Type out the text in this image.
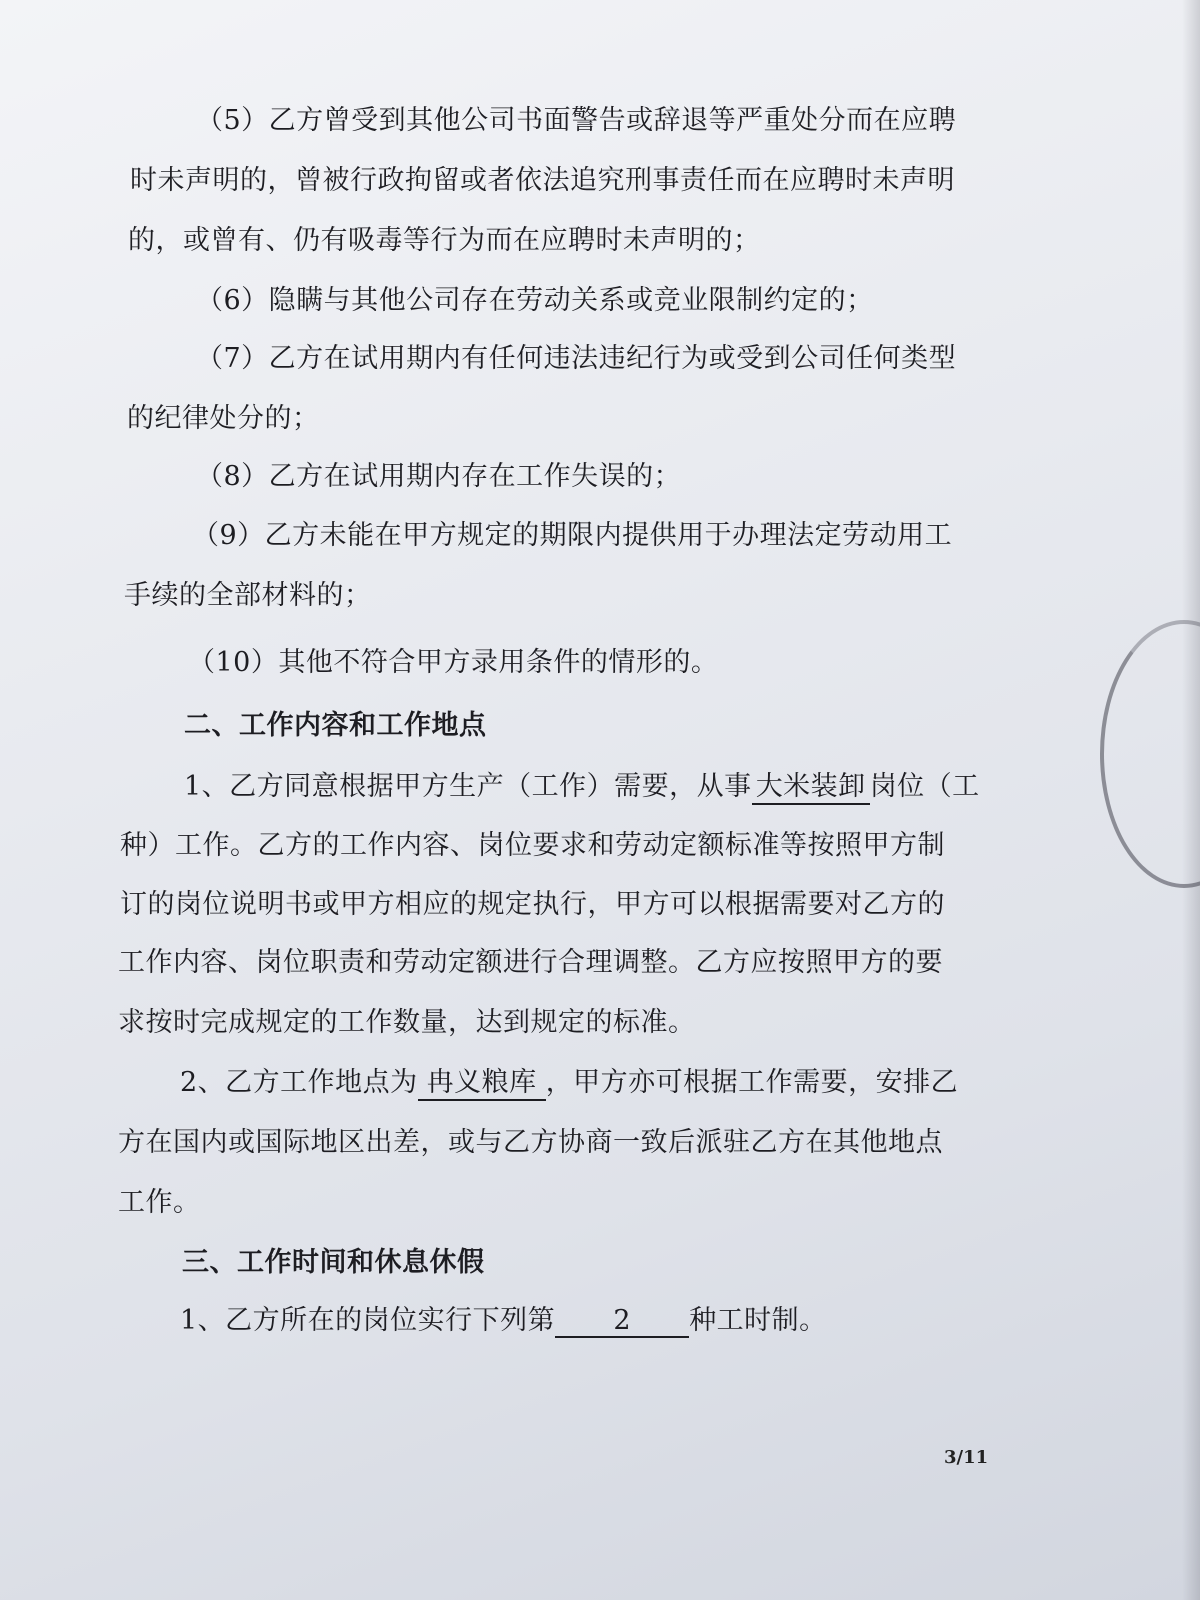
（5）乙方曾受到其他公司书面警告或辞退等严重处分而在应聘
时未声明的，曾被行政拘留或者依法追究刑事责任而在应聘时未声明
的，或曾有、仍有吸毒等行为而在应聘时未声明的；
（6）隐瞒与其他公司存在劳动关系或竞业限制约定的；
（7）乙方在试用期内有任何违法违纪行为或受到公司任何类型
的纪律处分的；
（8）乙方在试用期内存在工作失误的；
（9）乙方未能在甲方规定的期限内提供用于办理法定劳动用工
手续的全部材料的；
（10）其他不符合甲方录用条件的情形的。
二、工作内容和工作地点
1、乙方同意根据甲方生产（工作）需要，从事 大米装卸 岗位（工
种）工作。乙方的工作内容、岗位要求和劳动定额标准等按照甲方制
订的岗位说明书或甲方相应的规定执行，甲方可以根据需要对乙方的
工作内容、岗位职责和劳动定额进行合理调整。乙方应按照甲方的要
求按时完成规定的工作数量，达到规定的标准。
2、乙方工作地点为 冉义粮库 ，甲方亦可根据工作需要，安排乙
方在国内或国际地区出差，或与乙方协商一致后派驻乙方在其他地点
工作。
三、工作时间和休息休假
1、乙方所在的岗位实行下列第 2 种工时制。
3/11
